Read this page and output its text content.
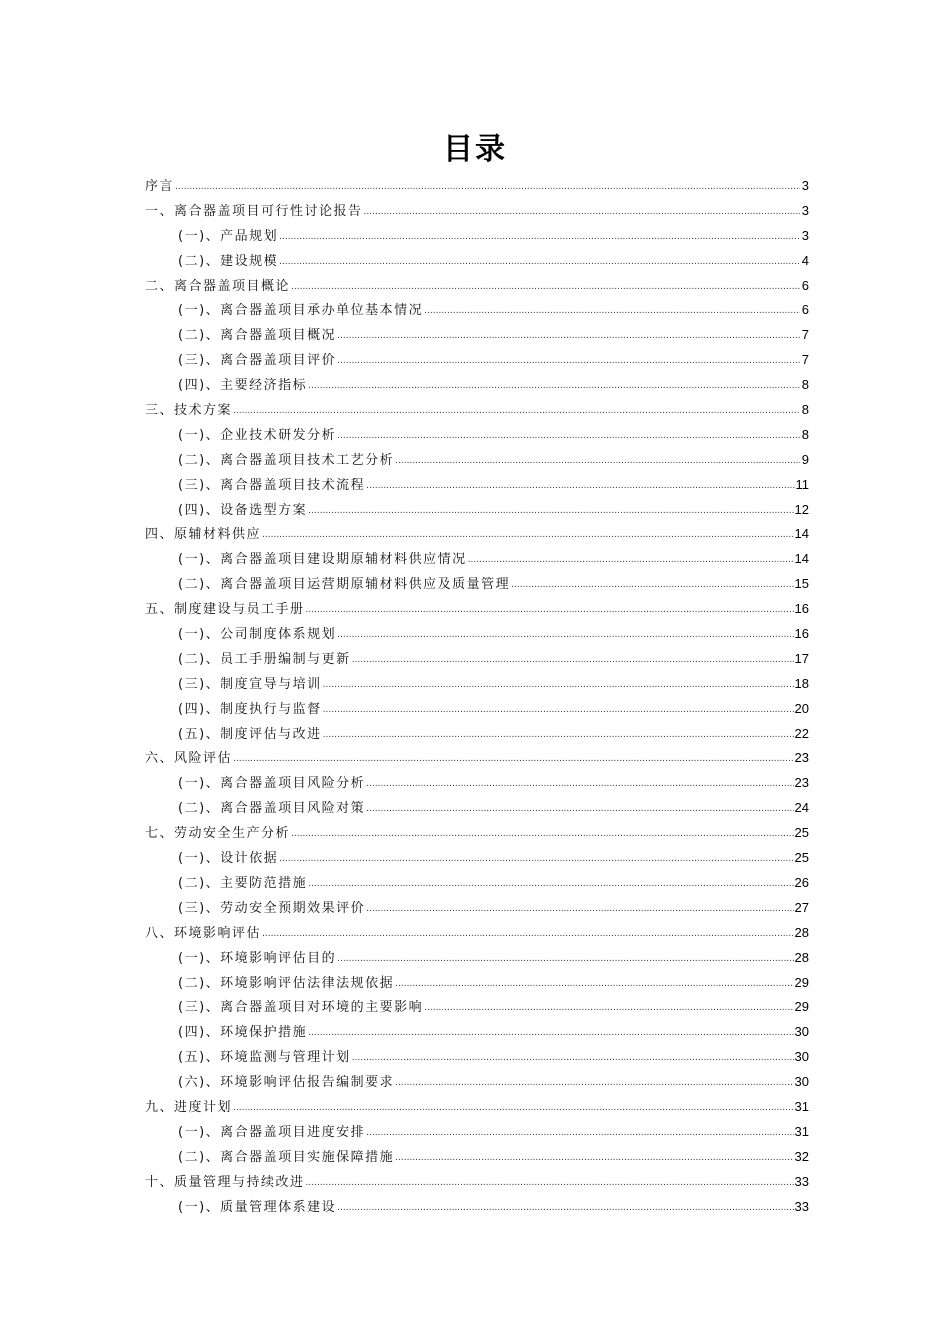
目录
序言 .....	3
一、离合器盖项目可行性讨论报告 .....	3
(一)、产品规划 .....	3
(二)、建设规模 .....	4
二、离合器盖项目概论 .....	6
(一)、离合器盖项目承办单位基本情况 .....	6
(二)、离合器盖项目概况 .....	7
(三)、离合器盖项目评价 .....	7
(四)、主要经济指标 .....	8
三、技术方案 .....	8
(一)、企业技术研发分析 .....	8
(二)、离合器盖项目技术工艺分析 .....	9
(三)、离合器盖项目技术流程 .....	11
(四)、设备选型方案 .....	12
四、原辅材料供应 .....	14
(一)、离合器盖项目建设期原辅材料供应情况 .....	14
(二)、离合器盖项目运营期原辅材料供应及质量管理 .....	15
五、制度建设与员工手册 .....	16
(一)、公司制度体系规划 .....	16
(二)、员工手册编制与更新 .....	17
(三)、制度宣导与培训 .....	18
(四)、制度执行与监督 .....	20
(五)、制度评估与改进 .....	22
六、风险评估 .....	23
(一)、离合器盖项目风险分析 .....	23
(二)、离合器盖项目风险对策 .....	24
七、劳动安全生产分析 .....	25
(一)、设计依据 .....	25
(二)、主要防范措施 .....	26
(三)、劳动安全预期效果评价 .....	27
八、环境影响评估 .....	28
(一)、环境影响评估目的 .....	28
(二)、环境影响评估法律法规依据 .....	29
(三)、离合器盖项目对环境的主要影响 .....	29
(四)、环境保护措施 .....	30
(五)、环境监测与管理计划 .....	30
(六)、环境影响评估报告编制要求 .....	30
九、进度计划 .....	31
(一)、离合器盖项目进度安排 .....	31
(二)、离合器盖项目实施保障措施 .....	32
十、质量管理与持续改进 .....	33
(一)、质量管理体系建设 .....	33
